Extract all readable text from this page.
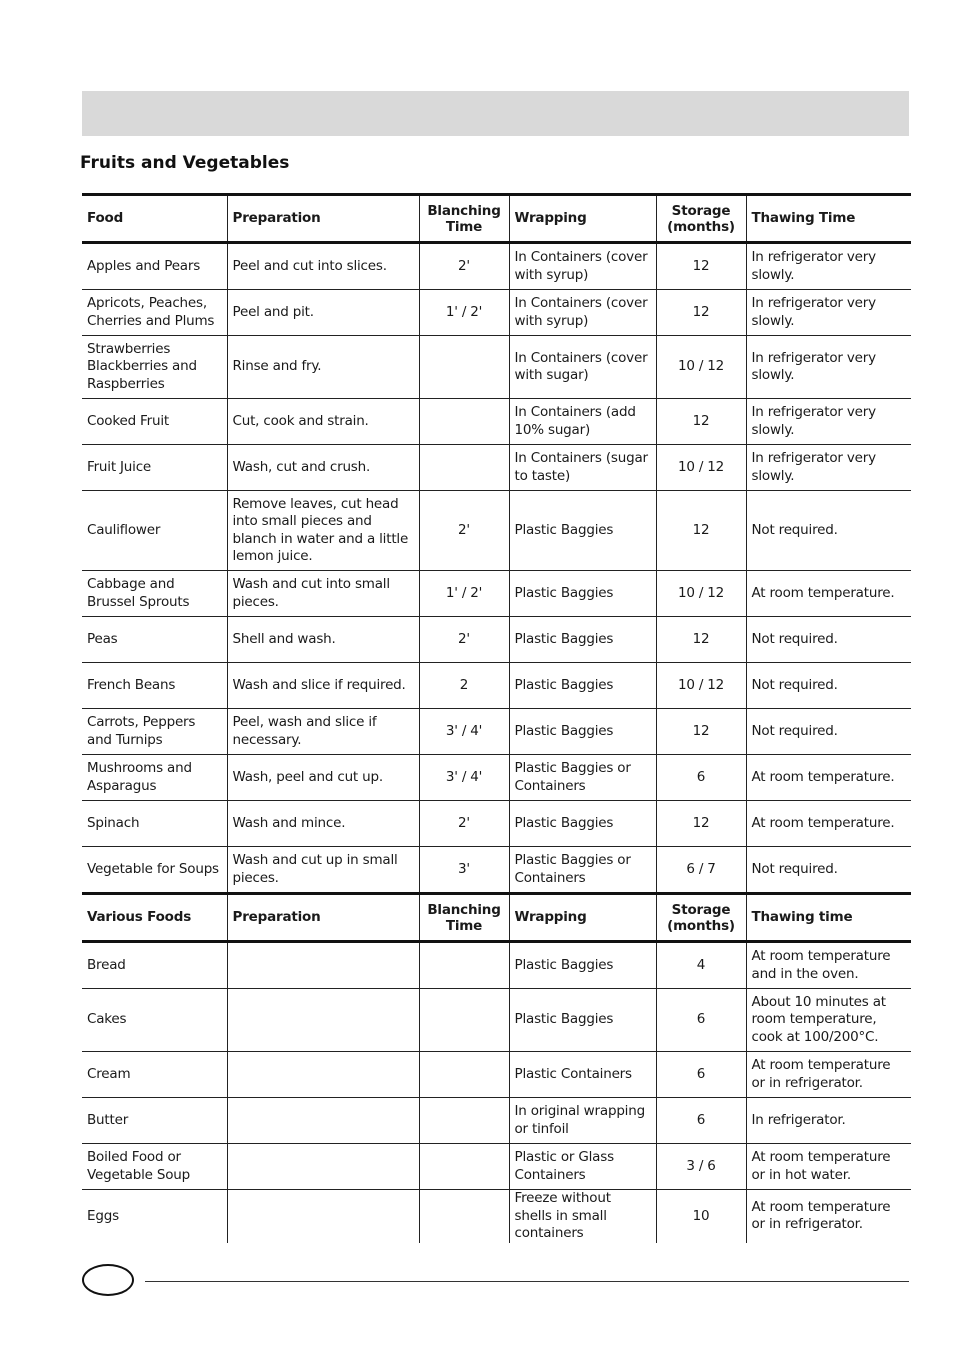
Fruits and Vegetables
Food	Preparation	Blanching Time	Wrapping	Storage (months)	Thawing Time
Apples and Pears	Peel and cut into slices.	2'	In Containers (cover with syrup)	12	In refrigerator very slowly.
Apricots, Peaches, Cherries and Plums	Peel and pit.	1' / 2'	In Containers (cover with syrup)	12	In refrigerator very slowly.
Strawberries Blackberries and Raspberries	Rinse and fry.		In Containers (cover with sugar)	10 / 12	In refrigerator very slowly.
Cooked Fruit	Cut, cook and strain.		In Containers (add 10% sugar)	12	In refrigerator very slowly.
Fruit Juice	Wash, cut and crush.		In Containers (sugar to taste)	10 / 12	In refrigerator very slowly.
Cauliflower	Remove leaves, cut head into small pieces and blanch in water and a little lemon juice.	2'	Plastic Baggies	12	Not required.
Cabbage and Brussel Sprouts	Wash and cut into small pieces.	1' / 2'	Plastic Baggies	10 / 12	At room temperature.
Peas	Shell and wash.	2'	Plastic Baggies	12	Not required.
French Beans	Wash and slice if required.	2	Plastic Baggies	10 / 12	Not required.
Carrots, Peppers and Turnips	Peel, wash and slice if necessary.	3' / 4'	Plastic Baggies	12	Not required.
Mushrooms and Asparagus	Wash, peel and cut up.	3' / 4'	Plastic Baggies or Containers	6	At room temperature.
Spinach	Wash and mince.	2'	Plastic Baggies	12	At room temperature.
Vegetable for Soups	Wash and cut up in small pieces.	3'	Plastic Baggies or Containers	6 / 7	Not required.
Various Foods	Preparation	Blanching Time	Wrapping	Storage (months)	Thawing time
Bread			Plastic Baggies	4	At room temperature and in the oven.
Cakes			Plastic Baggies	6	About 10 minutes at room temperature, cook at 100/200°C.
Cream			Plastic Containers	6	At room temperature or in refrigerator.
Butter			In original wrapping or tinfoil	6	In refrigerator.
Boiled Food or Vegetable Soup			Plastic or Glass Containers	3 / 6	At room temperature or in hot water.
Eggs			Freeze without shells in small containers	10	At room temperature or in refrigerator.
